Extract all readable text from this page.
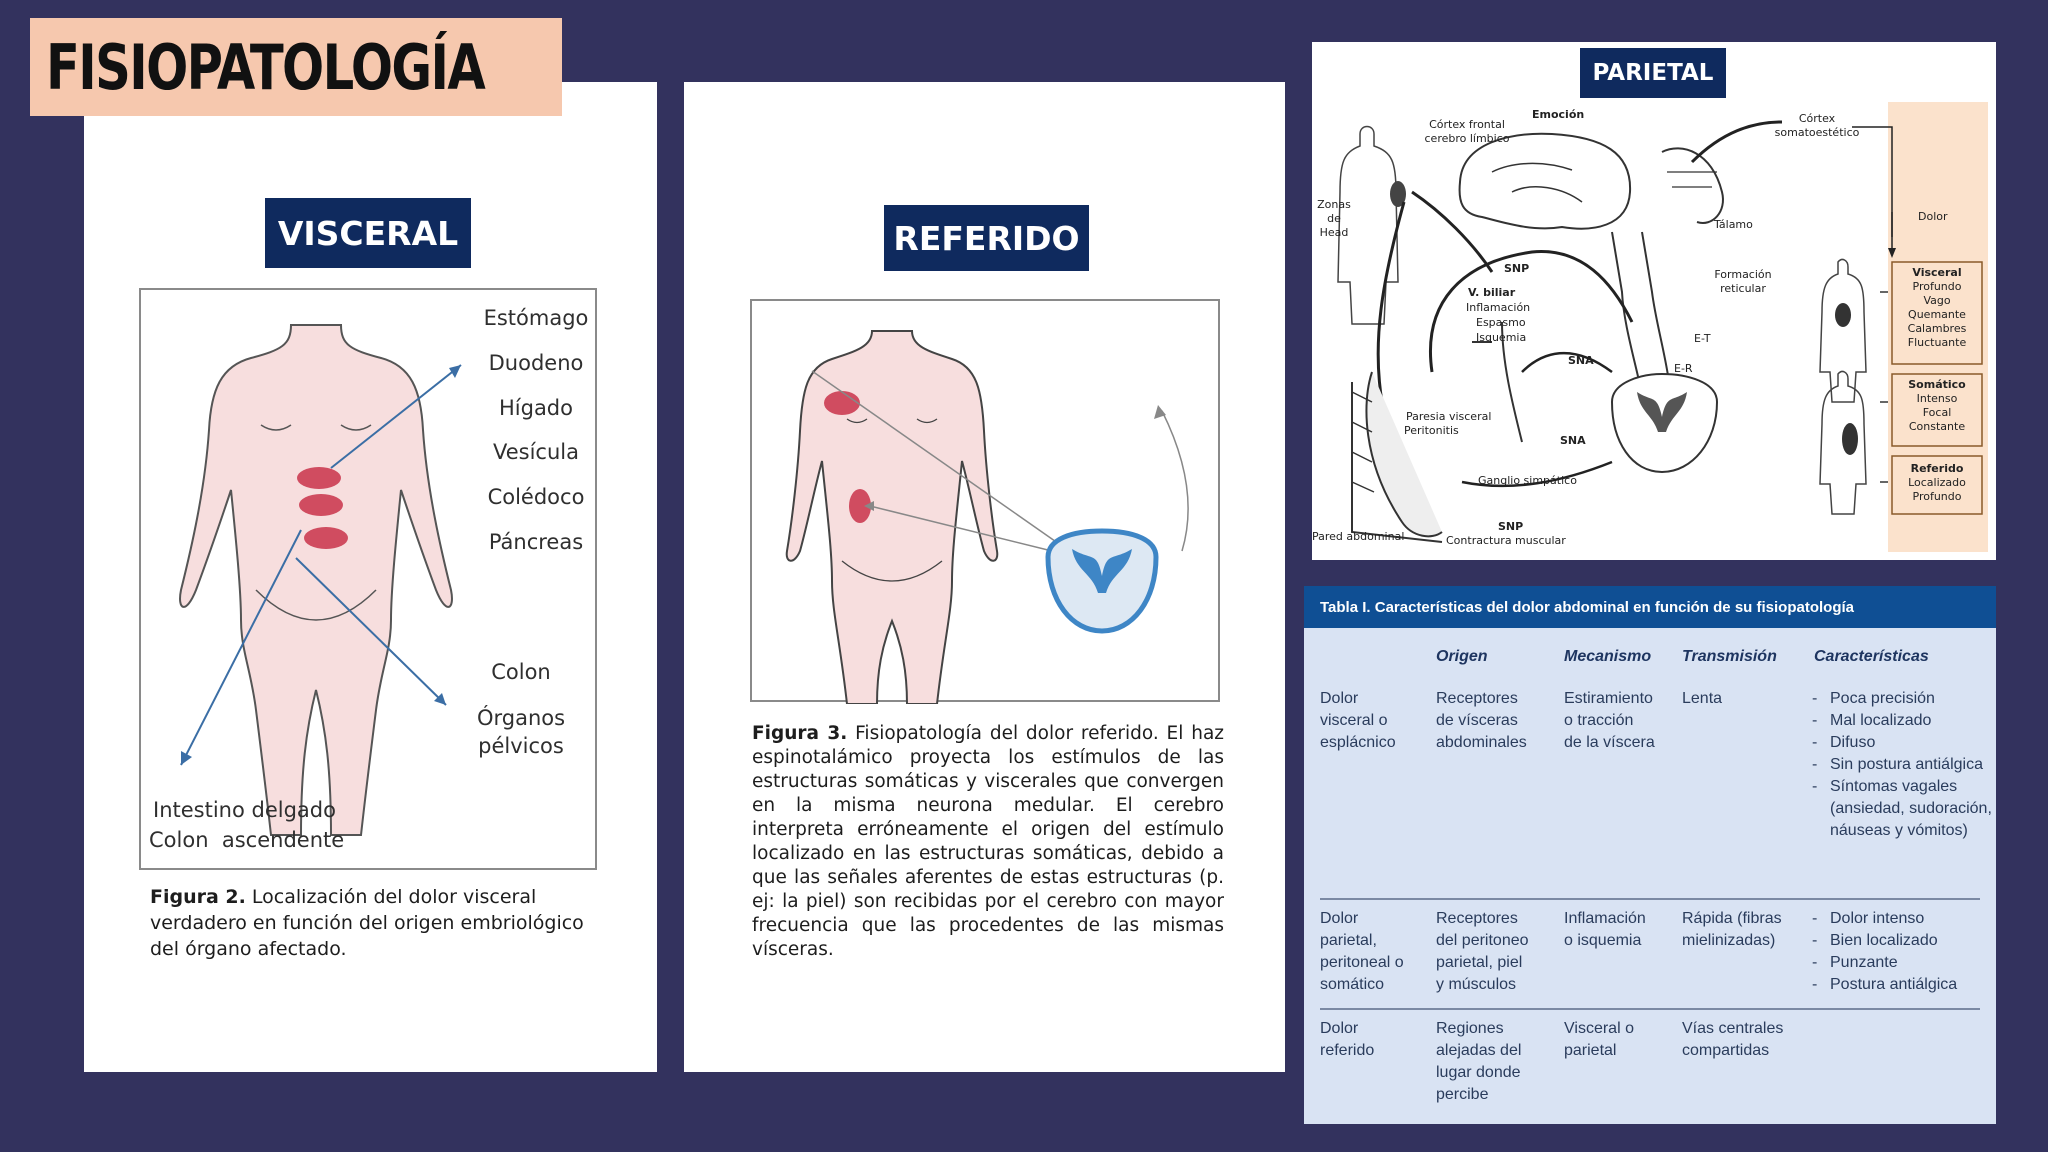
VISCERAL
Estómago
Duodeno
Hígado
Vesícula
Colédoco
Páncreas
Colon
Órganos
pélvicos
Intestino delgado
Colon  ascendente
Figura 2. Localización del dolor visceral verdadero en función del origen embriológico del órgano afectado.
REFERIDO
Figura 3. Fisiopatología del dolor referido. El haz espinotalámico proyecta los estímulos de las estructuras somáticas y viscerales que convergen en la misma neurona medular. El cerebro interpreta erróneamente el origen del estímulo localizado en las estructuras somáticas, debido a que las señales aferentes de estas estructuras (p. ej: la piel) son recibidas por el cerebro con mayor frecuencia que las procedentes de las mismas vísceras.
FISIOPATOLOGÍA	PARIETAL
Córtex frontal cerebro límbico
Emoción	Córtex somatoestético
Zonas de Head
Tálamo
Dolor
SNP	Formación reticular
V. biliar
Inflamación
Espasmo
Isquemia
SNA
E-T
E-R
Paresia visceral
Peritonitis
SNA
Ganglio simpático
Pared abdominal
SNP
Contractura muscular
Visceral
Profundo
Vago
Quemante
Calambres
Fluctuante
Somático
Intenso
Focal
Constante
Referido
Localizado
Profundo
Tabla I. Características del dolor abdominal en función de su fisiopatología
Origen	Mecanismo Transmisión Características
Dolor
visceral o
esplácnico
Receptores
de vísceras
abdominales
Estiramiento
o tracción
de la víscera
Lenta
-	Poca precisión
- Mal localizado
- Difuso
- Sin postura antiálgica
- Síntomas vagales (ansiedad, sudoración, náuseas y vómitos)
Dolor
parietal,
peritoneal o
somático
Receptores
del peritoneo
parietal, piel
y músculos
Inflamación
o isquemia
Rápida (fibras
mielinizadas)
- Dolor intenso
- Bien localizado
- Punzante
- Postura antiálgica
Dolor
referido
Regiones
alejadas del
lugar donde
percibe
Visceral o
parietal
Vías centrales
compartidas
